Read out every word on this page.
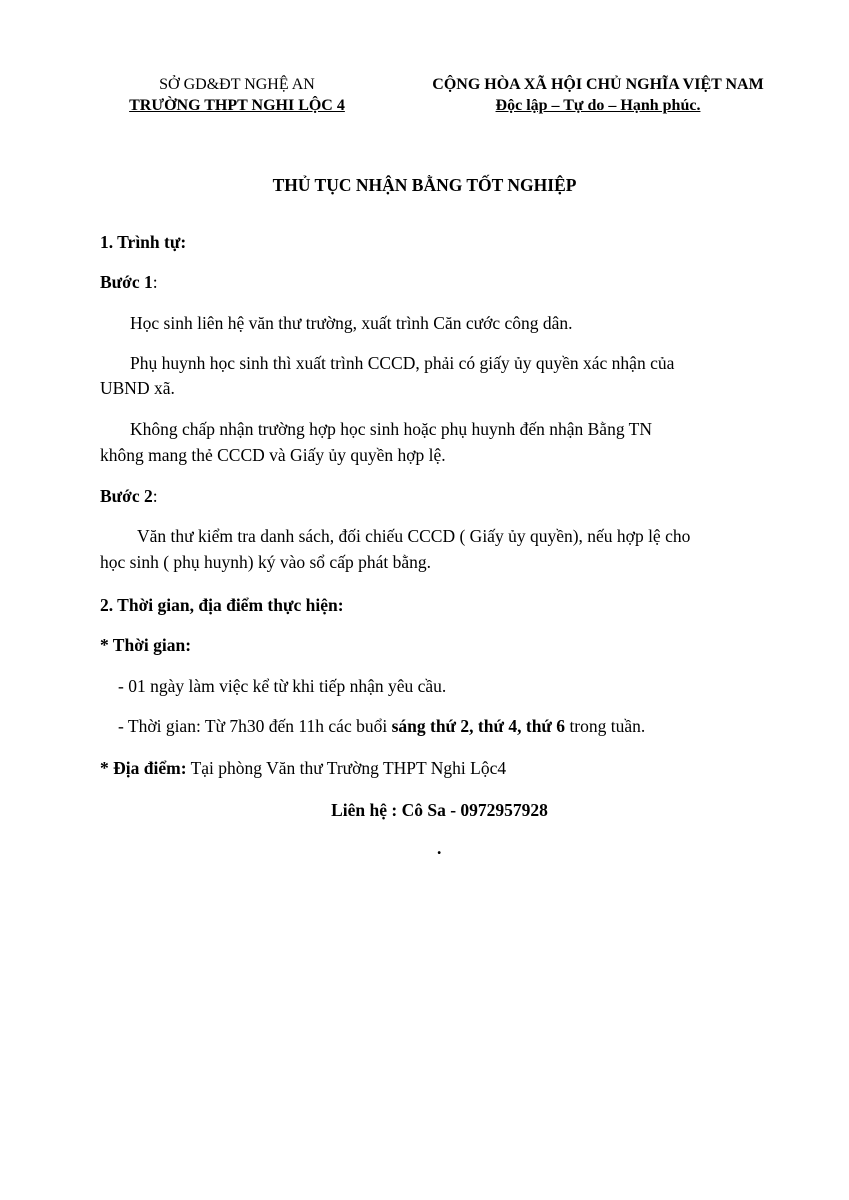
SỞ GD&ĐT NGHỆ AN
TRƯỜNG THPT NGHI LỘC 4
CỘNG HÒA XÃ HỘI CHỦ NGHĨA VIỆT NAM
Độc lập – Tự do – Hạnh phúc.
THỦ TỤC NHẬN BẰNG TỐT NGHIỆP
1. Trình tự:
Bước 1:
Học sinh liên hệ văn thư trường, xuất trình Căn cước công dân.
Phụ huynh học sinh thì xuất trình CCCD, phải có giấy ủy quyền xác nhận của
UBND xã.
Không chấp nhận trường hợp học sinh hoặc phụ huynh đến nhận Bằng TN
không mang thẻ CCCD và Giấy ủy quyền hợp lệ.
Bước 2:
Văn thư kiểm tra danh sách, đối chiếu CCCD ( Giấy ủy quyền), nếu hợp lệ cho
học sinh ( phụ huynh) ký vào sổ cấp phát bằng.
2. Thời gian, địa điểm thực hiện:
* Thời gian:
- 01 ngày làm việc kể từ khi tiếp nhận yêu cầu.
- Thời gian: Từ 7h30 đến 11h các buổi sáng thứ 2, thứ 4, thứ 6 trong tuần.
* Địa điểm: Tại phòng Văn thư Trường THPT Nghi Lộc4
Liên hệ : Cô Sa - 0972957928
.
